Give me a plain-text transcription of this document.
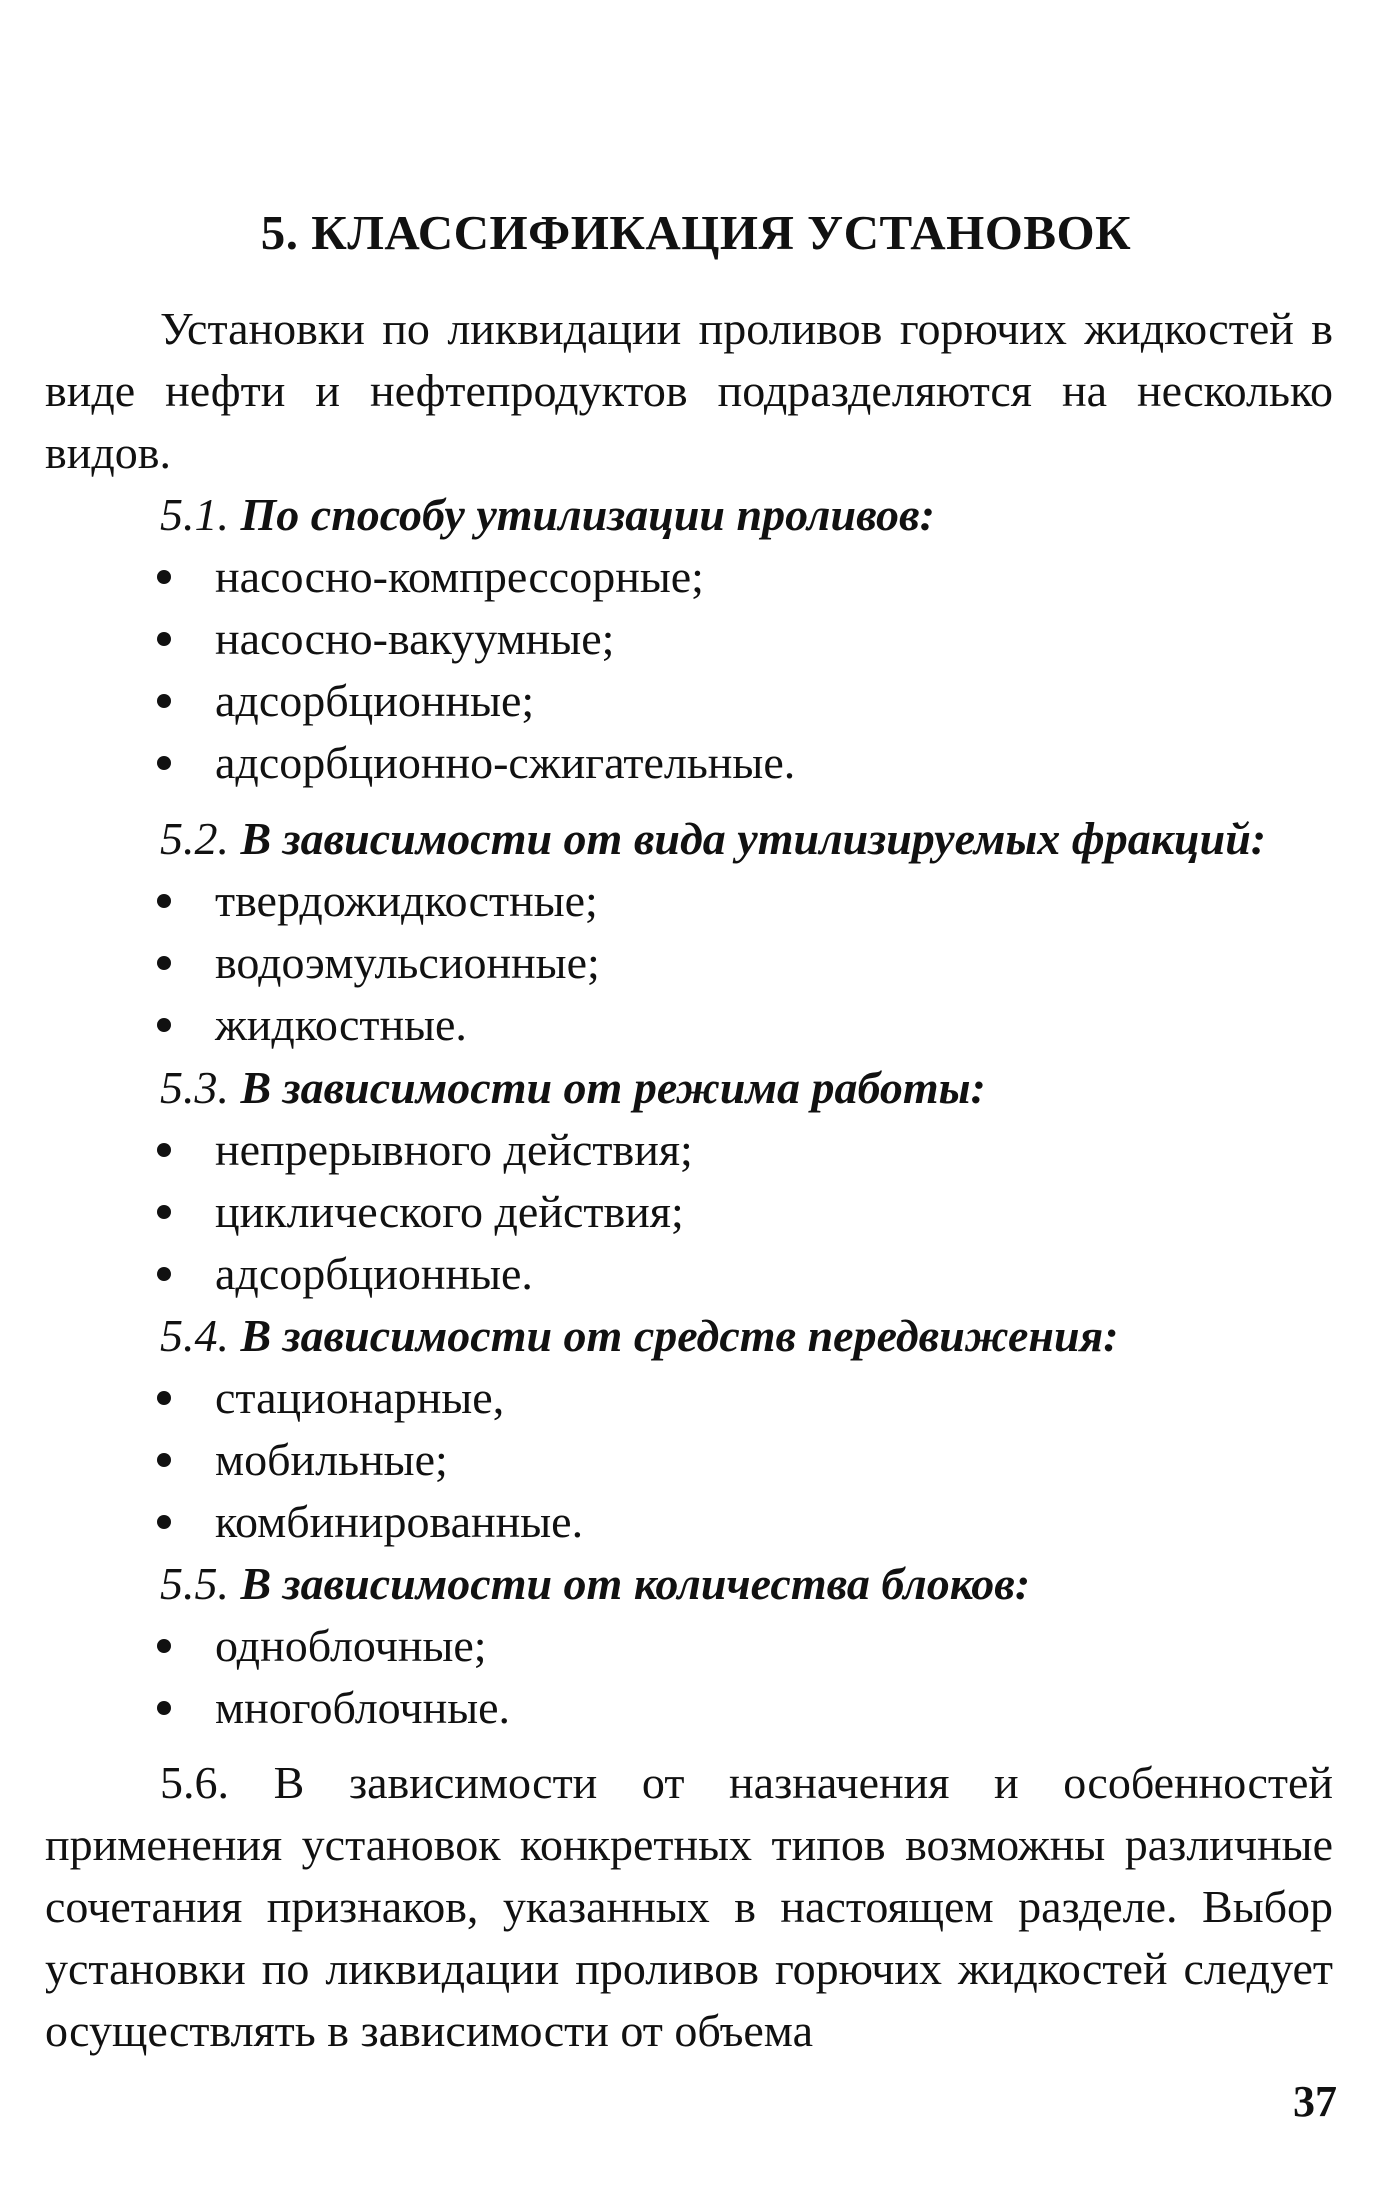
5. КЛАССИФИКАЦИЯ УСТАНОВОК

Установки по ликвидации проливов горючих жидкостей в виде нефти и нефтепродуктов подразделяются на несколько видов.

5.1. По способу утилизации проливов:

насосно-компрессорные;
насосно-вакуумные;
адсорбционные;
адсорбционно-сжигательные.

5.2. В зависимости от вида утилизируемых фракций:

твердожидкостные;
водоэмульсионные;
жидкостные.

5.3. В зависимости от режима работы:

непрерывного действия;
циклического действия;
адсорбционные.

5.4. В зависимости от средств передвижения:

стационарные,
мобильные;
комбинированные.

5.5. В зависимости от количества блоков:

одноблочные;
многоблочные.

5.6. В зависимости от назначения и особенностей применения установок конкретных типов возможны различные сочетания признаков, указанных в настоящем разделе. Выбор установки по ликвидации проливов горючих жидкостей следует осуществлять в зависимости от объема

37
